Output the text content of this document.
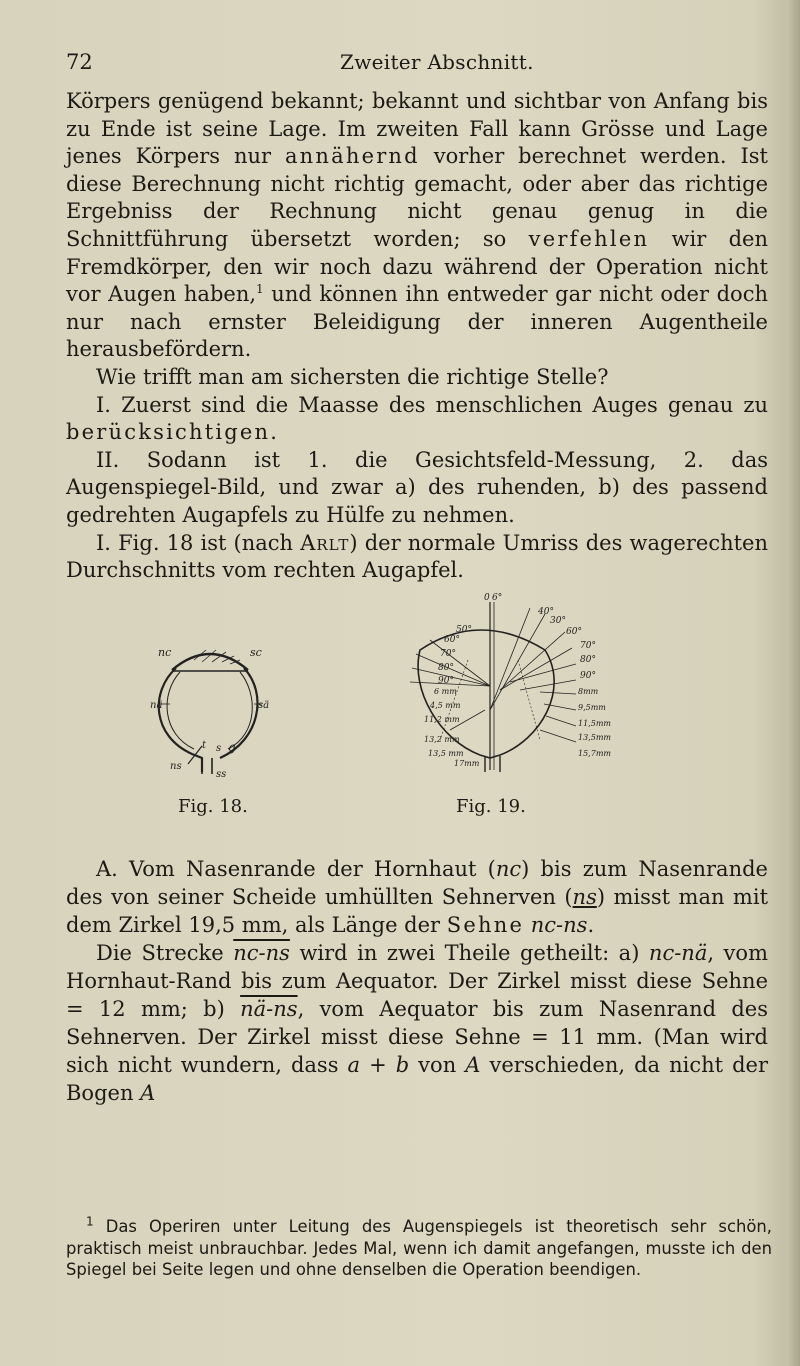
72	Zweiter Abschnitt.

Körpers genügend bekannt; bekannt und sichtbar von Anfang bis zu Ende ist seine Lage. Im zweiten Fall kann Grösse und Lage jenes Körpers nur annähernd vorher berechnet werden. Ist diese Berechnung nicht richtig gemacht, oder aber das richtige Ergebniss der Rechnung nicht genau genug in die Schnittführung übersetzt worden; so verfehlen wir den Fremdkörper, den wir noch dazu während der Operation nicht vor Augen haben,$^1$ und können ihn entweder gar nicht oder doch nur nach ernster Beleidigung der inneren Augentheile herausbefördern.

Wie trifft man am sichersten die richtige Stelle?

I. Zuerst sind die Maasse des menschlichen Auges genau zu berücksichtigen.

II. Sodann ist 1. die Gesichtsfeld-Messung, 2. das Augenspiegel-Bild, und zwar a) des ruhenden, b) des passend gedrehten Augapfels zu Hülfe zu nehmen.

I. Fig. 18 ist (nach Arlt) der normale Umriss des wagerechten Durchschnitts vom rechten Augapfel.

nc	sc
nä	sä
t s g
ns
ss
0 6°
50°
60°
70°
80°
90°
40°
30°
60°
70°
80°
90°
6 mm
4,5 mm
11,2 mm
13,2 mm
13,5 mm
17mm
8mm
9,5mm
11,5mm
13,5mm
15,7mm
Fig. 18.	Fig. 19.

A. Vom Nasenrande der Hornhaut (nc) bis zum Nasenrande des von seiner Scheide umhüllten Sehnerven (ns) misst man mit dem Zirkel 19,5 mm, als Länge der Sehne nc-ns.

Die Strecke nc-ns wird in zwei Theile getheilt: a) nc-nä, vom Hornhaut-Rand bis zum Aequator. Der Zirkel misst diese Sehne = 12 mm; b) nä-ns, vom Aequator bis zum Nasenrand des Sehnerven. Der Zirkel misst diese Sehne = 11 mm. (Man wird sich nicht wundern, dass a + b von A verschieden, da nicht der Bogen A

$^1$ Das Operiren unter Leitung des Augenspiegels ist theoretisch sehr schön, praktisch meist unbrauchbar. Jedes Mal, wenn ich damit angefangen, musste ich den Spiegel bei Seite legen und ohne denselben die Operation beendigen.
